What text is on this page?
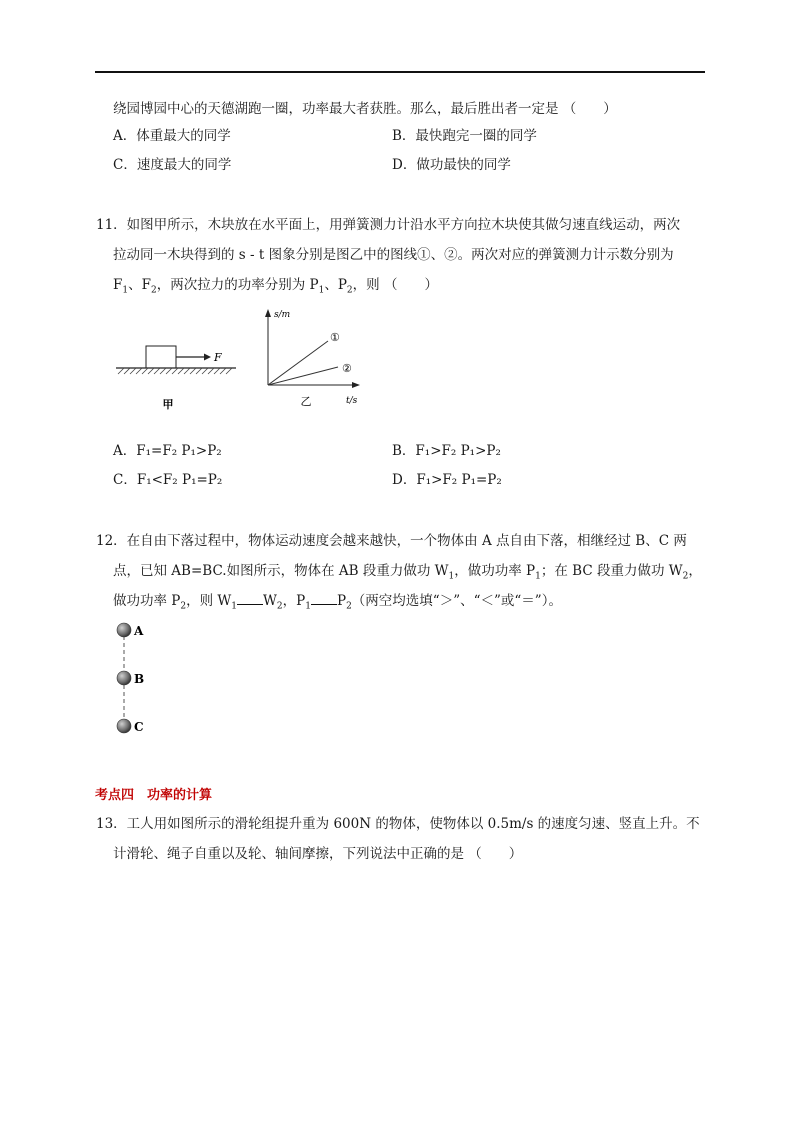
绕园博园中心的天德湖跑一圈，功率最大者获胜。那么，最后胜出者一定是 （　　）
A．体重最大的同学	B．最快跑完一圈的同学
C．速度最大的同学	D．做功最快的同学
11．如图甲所示，木块放在水平面上，用弹簧测力计沿水平方向拉木块使其做匀速直线运动，两次
拉动同一木块得到的 s - t 图象分别是图乙中的图线①、②。两次对应的弹簧测力计示数分别为
$F_1$、$F_2$，两次拉力的功率分别为 $P_1$、$P_2$，则 （　　）
F
甲
s/m
t/s
①
②
乙
A．F₁=F₂ P₁>P₂	B．F₁>F₂ P₁>P₂
C．F₁<F₂ P₁=P₂	D．F₁>F₂ P₁=P₂
12．在自由下落过程中，物体运动速度会越来越快，一个物体由 A 点自由下落，相继经过 B、C 两
点，已知 AB=BC.如图所示，物体在 AB 段重力做功 $W_1$，做功功率 $P_1$；在 BC 段重力做功 $W_2$，
做功功率 $P_2$，则 $W_1$ $W_2$，$P_1$ $P_2$（两空均选填“＞”、“＜”或“＝”）。
A
B
C
考点四　功率的计算
13．工人用如图所示的滑轮组提升重为 600N 的物体，使物体以 0.5m/s 的速度匀速、竖直上升。不
计滑轮、绳子自重以及轮、轴间摩擦，下列说法中正确的是 （　　）
